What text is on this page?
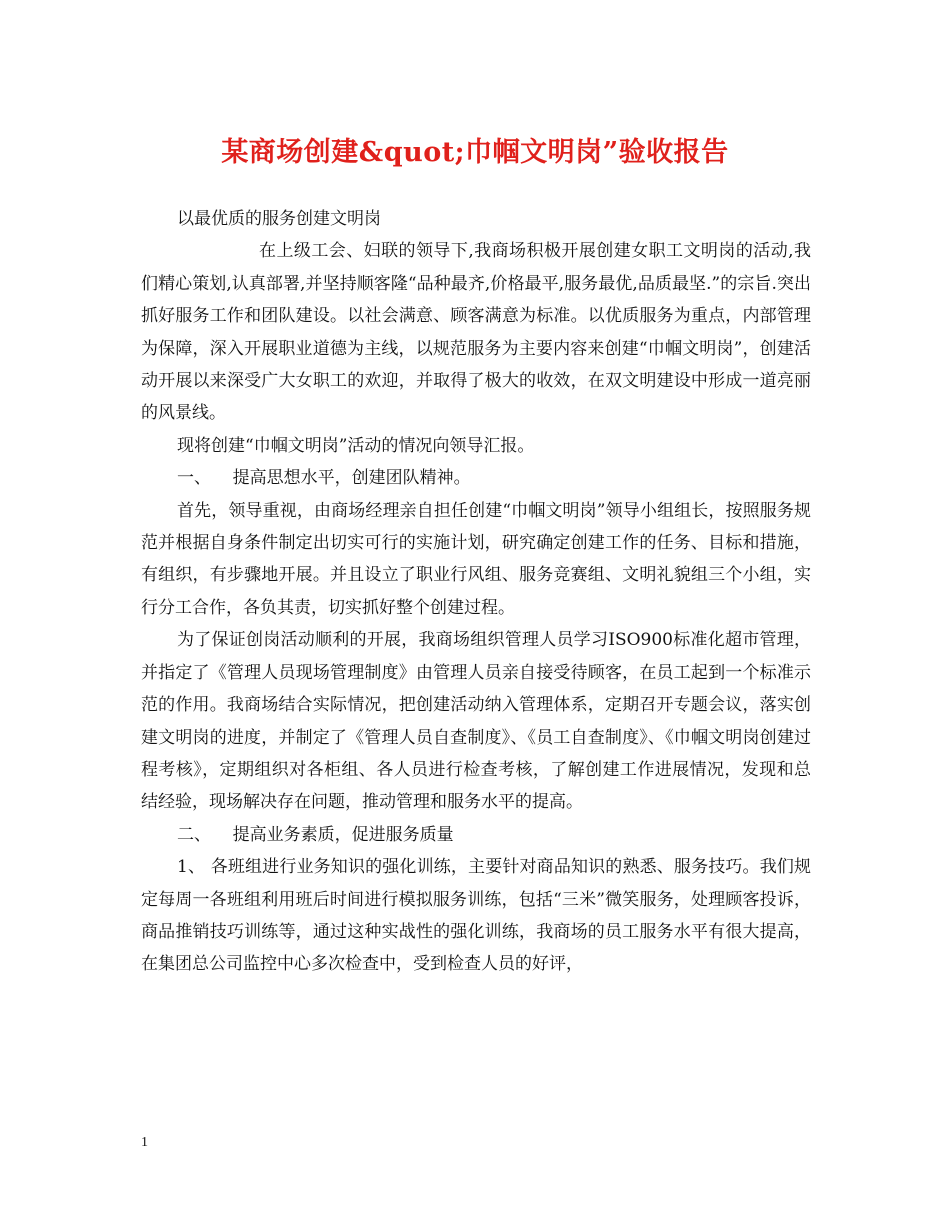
某商场创建&quot;巾帼文明岗”验收报告

以最优质的服务创建文明岗

在上级工会、妇联的领导下,我商场积极开展创建女职工文明岗的活动,我们精心策划,认真部署,并坚持顺客隆“品种最齐,价格最平,服务最优,品质最坚.”的宗旨.突出抓好服务工作和团队建设。以社会满意、顾客满意为标准。以优质服务为重点，内部管理为保障，深入开展职业道德为主线，以规范服务为主要内容来创建“巾帼文明岗”，创建活动开展以来深受广大女职工的欢迎，并取得了极大的收效，在双文明建设中形成一道亮丽的风景线。

现将创建“巾帼文明岗”活动的情况向领导汇报。

一、 提高思想水平，创建团队精神。

首先，领导重视，由商场经理亲自担任创建“巾帼文明岗”领导小组组长，按照服务规范并根据自身条件制定出切实可行的实施计划，研究确定创建工作的任务、目标和措施，有组织，有步骤地开展。并且设立了职业行风组、服务竞赛组、文明礼貌组三个小组，实行分工合作，各负其责，切实抓好整个创建过程。

为了保证创岗活动顺利的开展，我商场组织管理人员学习ISO900标准化超市管理，并指定了《管理人员现场管理制度》由管理人员亲自接受待顾客，在员工起到一个标准示范的作用。我商场结合实际情况，把创建活动纳入管理体系，定期召开专题会议，落实创建文明岗的进度，并制定了《管理人员自查制度》、《员工自查制度》、《巾帼文明岗创建过程考核》，定期组织对各柜组、各人员进行检查考核，了解创建工作进展情况，发现和总结经验，现场解决存在问题，推动管理和服务水平的提高。

二、 提高业务素质，促进服务质量

1、 各班组进行业务知识的强化训练，主要针对商品知识的熟悉、服务技巧。我们规定每周一各班组利用班后时间进行模拟服务训练，包括“三米”微笑服务，处理顾客投诉，商品推销技巧训练等，通过这种实战性的强化训练，我商场的员工服务水平有很大提高，在集团总公司监控中心多次检查中，受到检查人员的好评，

1
